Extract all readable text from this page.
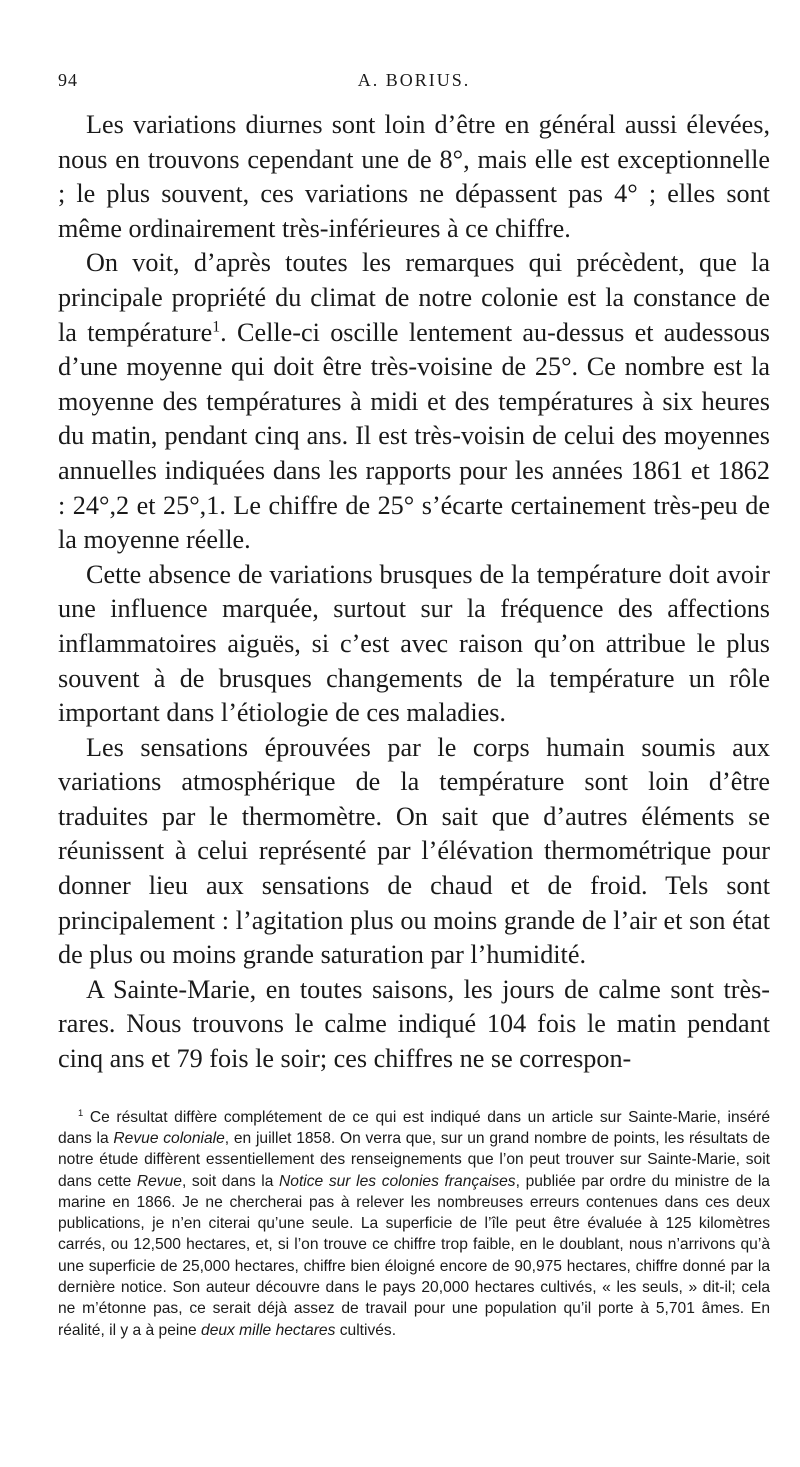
94	A. BORIUS.

Les variations diurnes sont loin d’être en général aussi élevées, nous en trouvons cependant une de 8°, mais elle est exceptionnelle ; le plus souvent, ces variations ne dépassent pas 4° ; elles sont même ordinairement très-inférieures à ce chiffre.

On voit, d’après toutes les remarques qui précèdent, que la principale propriété du climat de notre colonie est la constance de la température$^1$. Celle-ci oscille lentement au-dessus et audessous d’une moyenne qui doit être très-voisine de 25°. Ce nombre est la moyenne des températures à midi et des températures à six heures du matin, pendant cinq ans. Il est très-voisin de celui des moyennes annuelles indiquées dans les rapports pour les années 1861 et 1862 : 24°,2 et 25°,1. Le chiffre de 25° s’écarte certainement très-peu de la moyenne réelle.

Cette absence de variations brusques de la température doit avoir une influence marquée, surtout sur la fréquence des affections inflammatoires aiguës, si c’est avec raison qu’on attribue le plus souvent à de brusques changements de la température un rôle important dans l’étiologie de ces maladies.

Les sensations éprouvées par le corps humain soumis aux variations atmosphérique de la température sont loin d’être traduites par le thermomètre. On sait que d’autres éléments se réunissent à celui représenté par l’élévation thermométrique pour donner lieu aux sensations de chaud et de froid. Tels sont principalement : l’agitation plus ou moins grande de l’air et son état de plus ou moins grande saturation par l’humidité.

A Sainte-Marie, en toutes saisons, les jours de calme sont très-rares. Nous trouvons le calme indiqué 104 fois le matin pendant cinq ans et 79 fois le soir; ces chiffres ne se correspon-

$^1$ Ce résultat diffère complétement de ce qui est indiqué dans un article sur Sainte-Marie, inséré dans la Revue coloniale, en juillet 1858. On verra que, sur un grand nombre de points, les résultats de notre étude diffèrent essentiellement des renseignements que l’on peut trouver sur Sainte-Marie, soit dans cette Revue, soit dans la Notice sur les colonies françaises, publiée par ordre du ministre de la marine en 1866. Je ne chercherai pas à relever les nombreuses erreurs contenues dans ces deux publications, je n’en citerai qu’une seule. La superficie de l’île peut être évaluée à 125 kilomètres carrés, ou 12,500 hectares, et, si l’on trouve ce chiffre trop faible, en le doublant, nous n’arrivons qu’à une superficie de 25,000 hectares, chiffre bien éloigné encore de 90,975 hectares, chiffre donné par la dernière notice. Son auteur découvre dans le pays 20,000 hectares cultivés, « les seuls, » dit-il; cela ne m’étonne pas, ce serait déjà assez de travail pour une population qu’il porte à 5,701 âmes. En réalité, il y a à peine deux mille hectares cultivés.
